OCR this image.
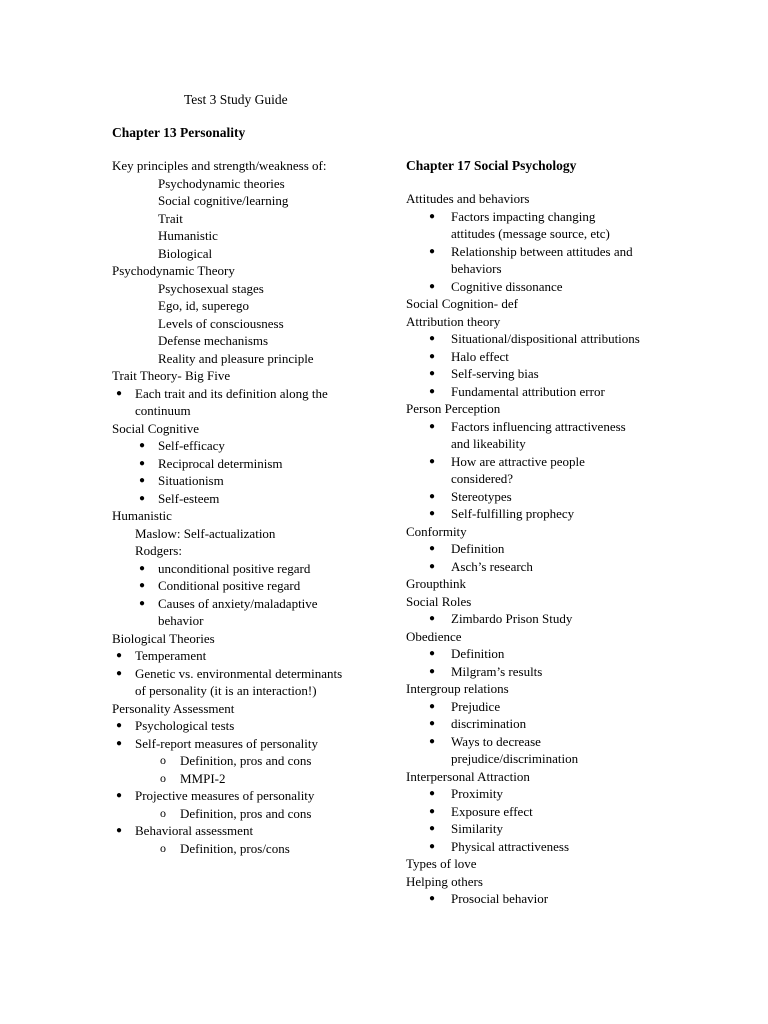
Test 3 Study Guide
Chapter 13 Personality
Key principles and strength/weakness of:
Psychodynamic theories
Social cognitive/learning
Trait
Humanistic
Biological
Psychodynamic Theory
Psychosexual stages
Ego, id, superego
Levels of consciousness
Defense mechanisms
Reality and pleasure principle
Trait Theory- Big Five
● Each trait and its definition along the
continuum
Social Cognitive
● Self-efficacy
● Reciprocal determinism
● Situationism
● Self-esteem
Humanistic
Maslow: Self-actualization
Rodgers:
● unconditional positive regard
● Conditional positive regard
● Causes of anxiety/maladaptive
behavior
Biological Theories
● Temperament
● Genetic vs. environmental determinants
of personality (it is an interaction!)
Personality Assessment
● Psychological tests
● Self-report measures of personality
o Definition, pros and cons
o MMPI-2
● Projective measures of personality
o Definition, pros and cons
● Behavioral assessment
o Definition, pros/cons
Chapter 17 Social Psychology
Attitudes and behaviors
● Factors impacting changing
attitudes (message source, etc)
● Relationship between attitudes and
behaviors
● Cognitive dissonance
Social Cognition- def
Attribution theory
● Situational/dispositional attributions
● Halo effect
● Self-serving bias
● Fundamental attribution error
Person Perception
● Factors influencing attractiveness
and likeability
● How are attractive people
considered?
● Stereotypes
● Self-fulfilling prophecy
Conformity
● Definition
● Asch’s research
Groupthink
Social Roles
● Zimbardo Prison Study
Obedience
● Definition
● Milgram’s results
Intergroup relations
● Prejudice
● discrimination
● Ways to decrease
prejudice/discrimination
Interpersonal Attraction
● Proximity
● Exposure effect
● Similarity
● Physical attractiveness
Types of love
Helping others
● Prosocial behavior
